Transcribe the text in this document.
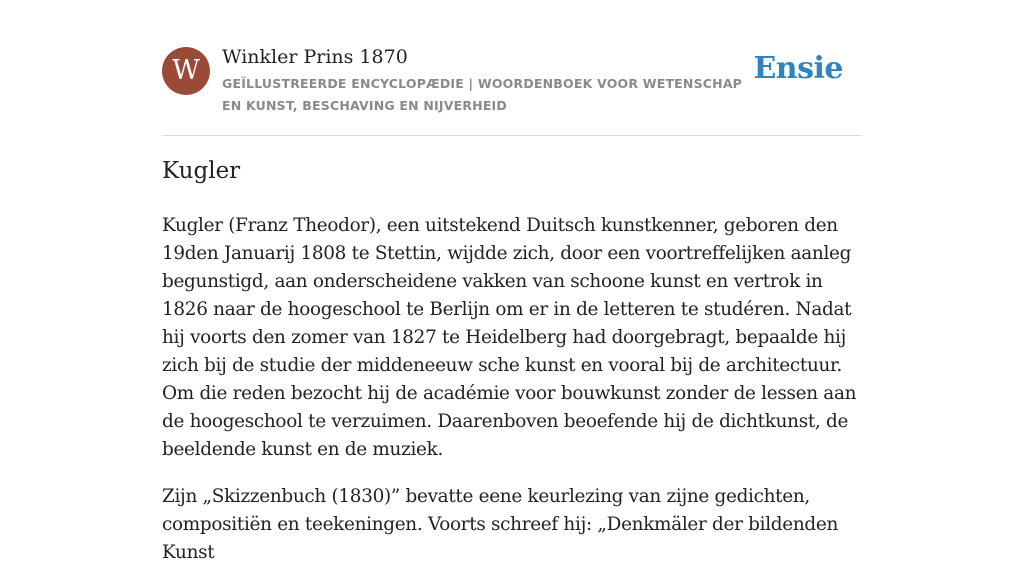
W	Winkler Prins 1870
GEÏLLUSTREERDE ENCYCLOPÆDIE | WOORDENBOEK VOOR WETENSCHAP EN KUNST, BESCHAVING EN NIJVERHEID
Ensie
Kugler

Kugler (Franz Theodor), een uitstekend Duitsch kunstkenner, geboren den 19den Januarij 1808 te Stettin, wijdde zich, door een voortreffelijken aanleg begunstigd, aan onderscheidene vakken van schoone kunst en vertrok in 1826 naar de hoogeschool te Berlijn om er in de letteren te studéren. Nadat hij voorts den zomer van 1827 te Heidelberg had doorgebragt, bepaalde hij zich bij de studie der middeneeuw sche kunst en vooral bij de architectuur. Om die reden bezocht hij de académie voor bouwkunst zonder de lessen aan de hoogeschool te verzuimen. Daarenboven beoefende hij de dichtkunst, de beeldende kunst en de muziek.

Zijn „Skizzenbuch (1830)” bevatte eene keurlezing van zijne gedichten, compositiën en teekeningen. Voorts schreef hij: „Denkmäler der bildenden Kunst
